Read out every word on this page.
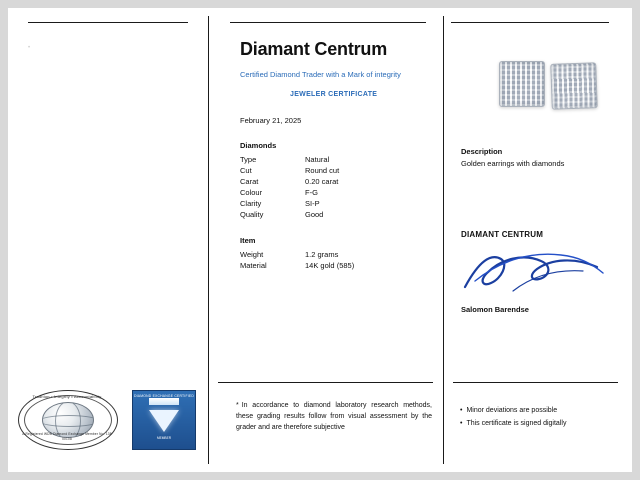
•	Diamant Centrum
Certified Diamond Trader with a Mark of integrity
JEWELER CERTIFICATE
February 21, 2025
Diamonds
Type	Natural
Cut	Round cut
Carat	0.20 carat
Colour	F-G
Clarity	SI-P
Quality	Good
Item
Weight	1.2 grams
Material	14K gold (585)
* In accordance to diamond laboratory research methods, these grading results follow from visual assessment by the grader and are therefore subjective
Description
Golden earrings with diamonds
DIAMANT CENTRUM
Salomon Barendse
• Minor deviations are possible
• This certificate is signed digitally
Tradition • Integrity • Accountability
A Registered WDB Diamond Exchange Member No. 138 00108
DIAMOND EXCHANGE CERTIFIED
MEMBER
